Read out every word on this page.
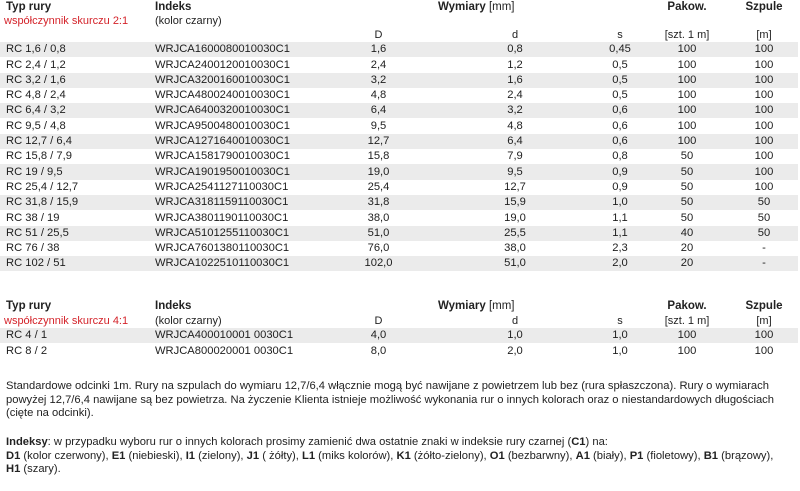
Typ rury	Indeks	Wymiary [mm]			Pakow.	Szpule
współczynnik skurczu 2:1	(kolor czarny)					
		D	d	s	[szt. 1 m]	[m]
RC 1,6 / 0,8	WRJCA1600080010030C1	1,6	0,8	0,45	100	100
RC 2,4 / 1,2	WRJCA2400120010030C1	2,4	1,2	0,5	100	100
RC 3,2 / 1,6	WRJCA3200160010030C1	3,2	1,6	0,5	100	100
RC 4,8 / 2,4	WRJCA4800240010030C1	4,8	2,4	0,5	100	100
RC 6,4 / 3,2	WRJCA6400320010030C1	6,4	3,2	0,6	100	100
RC 9,5 / 4,8	WRJCA9500480010030C1	9,5	4,8	0,6	100	100
RC 12,7 / 6,4	WRJCA1271640010030C1	12,7	6,4	0,6	100	100
RC 15,8 / 7,9	WRJCA1581790010030C1	15,8	7,9	0,8	50	100
RC 19 / 9,5	WRJCA1901950010030C1	19,0	9,5	0,9	50	100
RC 25,4 / 12,7	WRJCA2541127110030C1	25,4	12,7	0,9	50	100
RC 31,8 / 15,9	WRJCA3181159110030C1	31,8	15,9	1,0	50	50
RC 38 / 19	WRJCA3801190110030C1	38,0	19,0	1,1	50	50
RC 51 / 25,5	WRJCA5101255110030C1	51,0	25,5	1,1	40	50
RC 76 / 38	WRJCA7601380110030C1	76,0	38,0	2,3	20	-
RC 102 / 51	WRJCA1022510110030C1	102,0	51,0	2,0	20	-
Typ rury	Indeks	Wymiary [mm]			Pakow.	Szpule
współczynnik skurczu 4:1	(kolor czarny)	D	d	s	[szt. 1 m]	[m]
RC 4 / 1	WRJCA400010001 0030C1	4,0	1,0	1,0	100	100
RC 8 / 2	WRJCA800020001 0030C1	8,0	2,0	1,0	100	100
Standardowe odcinki 1m. Rury na szpulach do wymiaru 12,7/6,4 włącznie mogą być nawijane z powietrzem lub bez (rura spłaszczona). Rury o wymiarach powyżej 12,7/6,4 nawijane są bez powietrza. Na życzenie Klienta istnieje możliwość wykonania rur o innych kolorach oraz o niestandardowych długościach (cięte na odcinki).
Indeksy: w przypadku wyboru rur o innych kolorach prosimy zamienić dwa ostatnie znaki w indeksie rury czarnej (C1) na:
D1 (kolor czerwony), E1 (niebieski), I1 (zielony), J1 ( żółty), L1 (miks kolorów), K1 (żółto-zielony), O1 (bezbarwny), A1 (biały), P1 (fioletowy), B1 (brązowy), H1 (szary).
